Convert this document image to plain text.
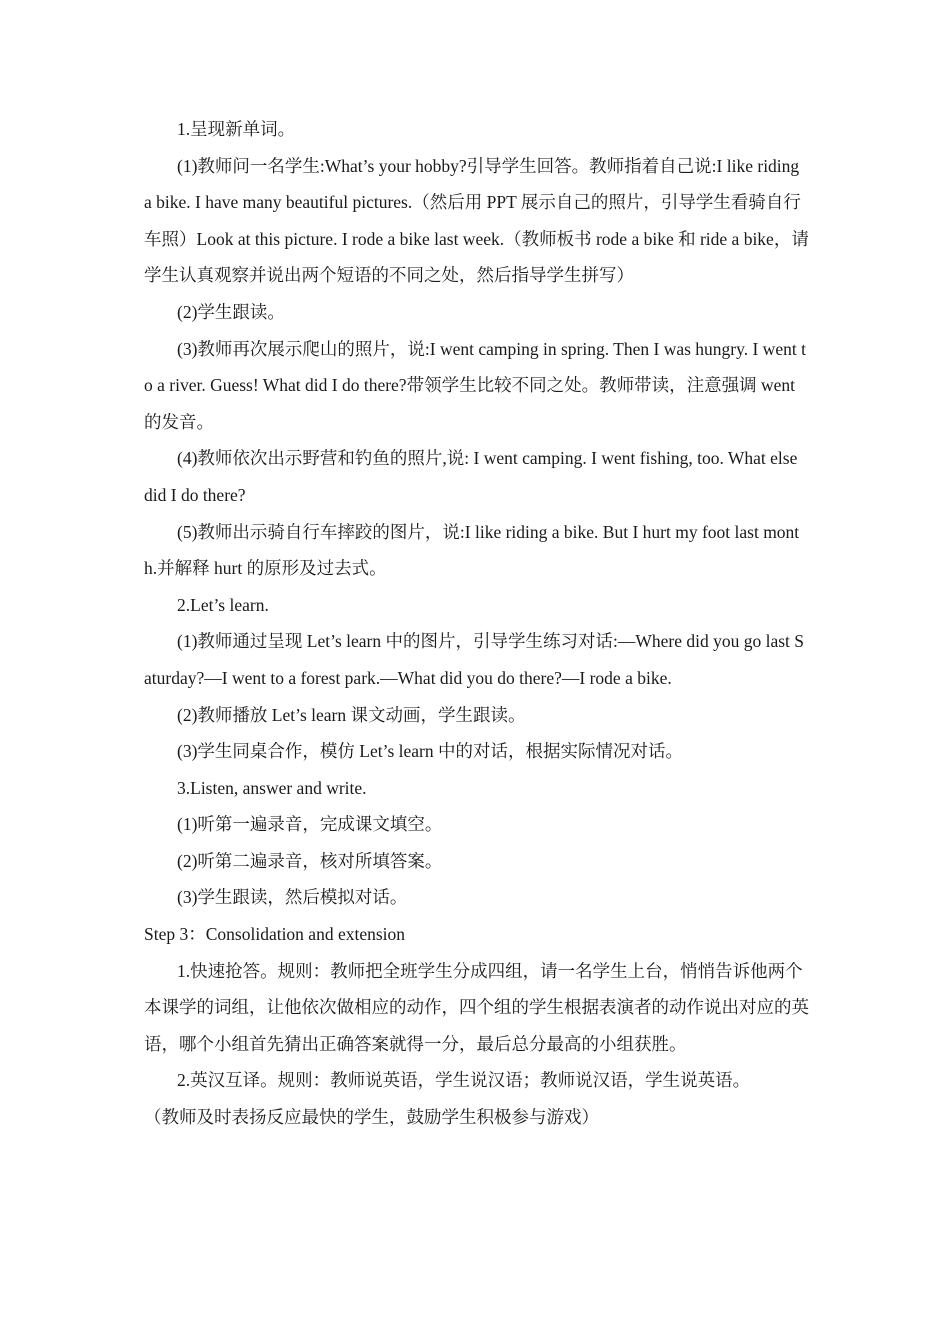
1.呈现新单词。

(1)教师问一名学生:What’s your hobby?引导学生回答。教师指着自己说:I like riding a bike. I have many beautiful pictures.（然后用 PPT 展示自己的照片，引导学生看骑自行车照）Look at this picture. I rode a bike last week.（教师板书 rode a bike 和 ride a bike，请学生认真观察并说出两个短语的不同之处，然后指导学生拼写）

(2)学生跟读。

(3)教师再次展示爬山的照片，说:I went camping in spring. Then I was hungry. I went to a river. Guess! What did I do there?带领学生比较不同之处。教师带读，注意强调 went 的发音。

(4)教师依次出示野营和钓鱼的照片,说: I went camping. I went fishing, too. What else did I do there?

(5)教师出示骑自行车摔跤的图片，说:I like riding a bike. But I hurt my foot last month.并解释 hurt 的原形及过去式。

2.Let’s learn.

(1)教师通过呈现 Let’s learn 中的图片，引导学生练习对话:—Where did you go last Saturday?—I went to a forest park.—What did you do there?—I rode a bike.

(2)教师播放 Let’s learn 课文动画，学生跟读。

(3)学生同桌合作，模仿 Let’s learn 中的对话，根据实际情况对话。

3.Listen, answer and write.

(1)听第一遍录音，完成课文填空。

(2)听第二遍录音，核对所填答案。

(3)学生跟读，然后模拟对话。

Step 3：Consolidation and extension

1.快速抢答。规则：教师把全班学生分成四组，请一名学生上台，悄悄告诉他两个本课学的词组，让他依次做相应的动作，四个组的学生根据表演者的动作说出对应的英语，哪个小组首先猜出正确答案就得一分，最后总分最高的小组获胜。

2.英汉互译。规则：教师说英语，学生说汉语；教师说汉语，学生说英语。

（教师及时表扬反应最快的学生，鼓励学生积极参与游戏）
